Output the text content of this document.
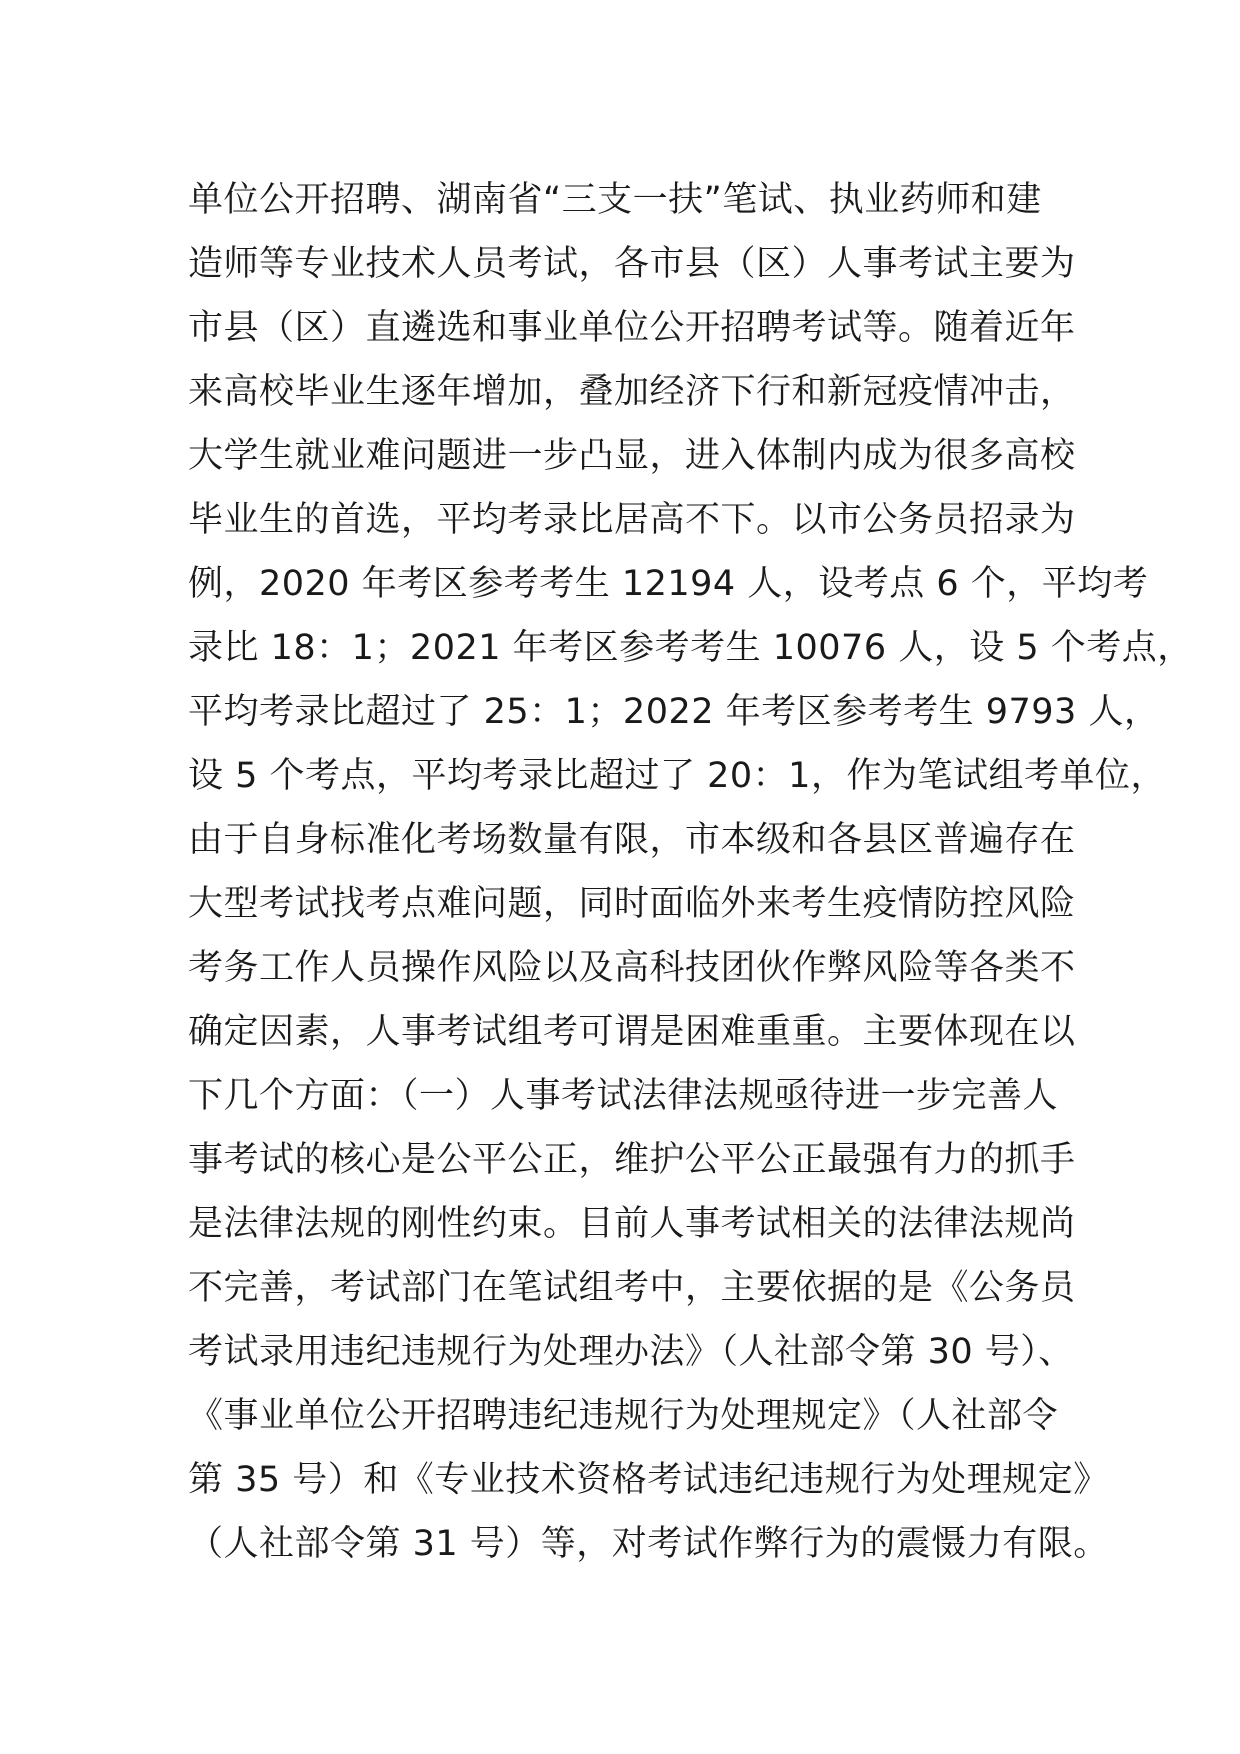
单位公开招聘、湖南省“三支一扶”笔试、执业药师和建
造师等专业技术人员考试，各市县（区）人事考试主要为
市县（区）直遴选和事业单位公开招聘考试等。随着近年
来高校毕业生逐年增加，叠加经济下行和新冠疫情冲击，
大学生就业难问题进一步凸显，进入体制内成为很多高校
毕业生的首选，平均考录比居高不下。以市公务员招录为
例，2020 年考区参考考生 12194 人，设考点 6 个，平均考
录比 18：1；2021 年考区参考考生 10076 人，设 5 个考点，
平均考录比超过了 25：1；2022 年考区参考考生 9793 人，
设 5 个考点，平均考录比超过了 20：1，作为笔试组考单位，
由于自身标准化考场数量有限，市本级和各县区普遍存在
大型考试找考点难问题，同时面临外来考生疫情防控风险
考务工作人员操作风险以及高科技团伙作弊风险等各类不
确定因素，人事考试组考可谓是困难重重。主要体现在以
下几个方面：（一）人事考试法律法规亟待进一步完善人
事考试的核心是公平公正，维护公平公正最强有力的抓手
是法律法规的刚性约束。目前人事考试相关的法律法规尚
不完善，考试部门在笔试组考中，主要依据的是《公务员
考试录用违纪违规行为处理办法》（人社部令第 30 号）、
《事业单位公开招聘违纪违规行为处理规定》（人社部令
第 35 号）和《专业技术资格考试违纪违规行为处理规定》
（人社部令第 31 号）等，对考试作弊行为的震慑力有限。
